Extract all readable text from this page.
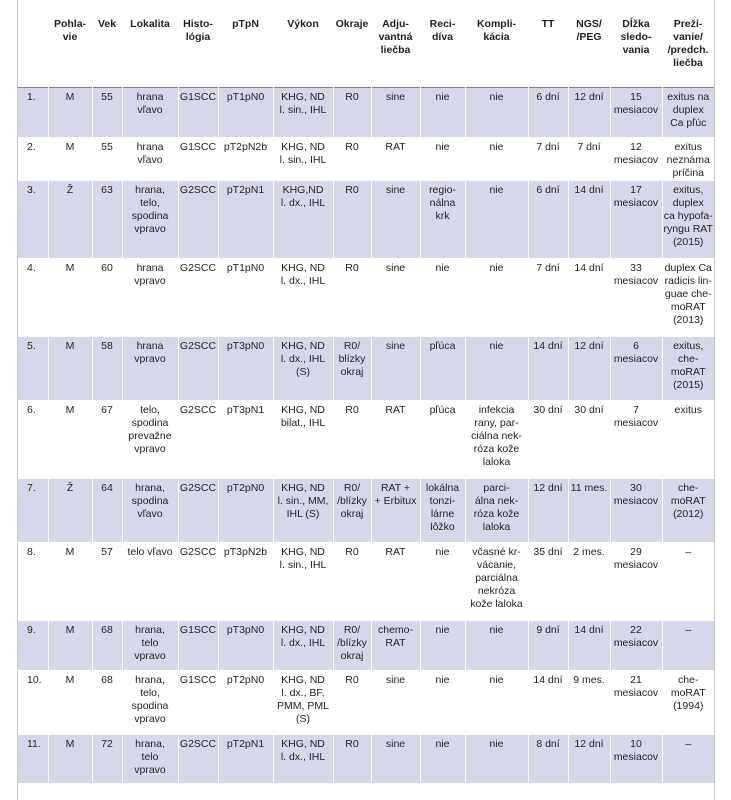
	Pohla-
vie	Vek	Lokalita	Histo-
lógia	pTpN	Výkon	Okraje	Adju-
vantná
liečba	Reci-
díva	Kompli-
kácia	TT	NGS/
/PEG	Dĺžka
sledo-
vania	Preží-
vanie/
/predch.
liečba

1.	M	55	hrana
vľavo	G1SCC	pT1pN0	KHG, ND
l. sin., IHL	R0	sine	nie	nie	6 dní	12 dní	15
mesiacov	exitus na
duplex
Ca pľúc

2.	M	55	hrana
vľavo	G1SCC	pT2pN2b	KHG, ND
l. sin., IHL	R0	RAT	nie	nie	7 dní	7 dní	12
mesiacov	exitus
neznáma
príčina

3.	Ž	63	hrana,
telo,
spodina
vpravo	G2SCC	pT2pN1	KHG,ND
l. dx., IHL	R0	sine	regio-
nálna
krk	nie	6 dní	14 dní	17
mesiacov	exitus,
duplex
ca hypofa-
ryngu RAT
(2015)

4.	M	60	hrana
vpravo	G2SCC	pT1pN0	KHG, ND
l. dx., IHL	R0	sine	nie	nie	7 dní	14 dní	33
mesiacov	duplex Ca
radicis lin-
guae che-
moRAT
(2013)

5.	M	58	hrana
vpravo	G2SCC	pT3pN0	KHG, ND
l. dx., IHL
(S)	R0/
blízky
okraj	sine	pľúca	nie	14 dní	12 dní	6
mesiacov	exitus,
che-
moRAT
(2015)

6.	M	67	telo,
spodina
prevažne
vpravo	G2SCC	pT3pN1	KHG, ND
bilat., IHL	R0	RAT	pľúca	infekcia
rany, par-
ciálna nek-
róza kože
laloka	30 dní	30 dní	7
mesiacov	exitus

7.	Ž	64	hrana,
spodina
vľavo	G2SCC	pT2pN0	KHG, ND
l. sin., MM,
IHL (S)	R0/
/blízky
okraj	RAT +
+ Erbitux	lokálna
tonzi-
lárne
lôžko	parci-
álna nek-
róza kože
laloka	12 dní	11 mes.	30
mesiacov	che-
moRAT
(2012)

8.	M	57	telo vľavo	G2SCC	pT3pN2b	KHG, ND
l. sin., IHL	R0	RAT	nie	včasné kr-
vácanie,
parciálna
nekróza
kože laloka	35 dní	2 mes.	29
mesiacov	–

9.	M	68	hrana,
telo
vpravo	G1SCC	pT3pN0	KHG, ND
l. dx., IHL	R0/
/blízky
okraj	chemo-
RAT	nie	nie	9 dní	14 dní	22
mesiacov	–

10.	M	68	hrana,
telo,
spodina
vpravo	G1SCC	pT2pN0	KHG, ND
l. dx., BF,
PMM, PML
(S)	R0	sine	nie	nie	14 dní	9 mes.	21
mesiacov	che-
moRAT
(1994)

11.	M	72	hrana,
telo
vpravo	G2SCC	pT2pN1	KHG, ND
l. dx., IHL	R0	sine	nie	nie	8 dní	12 dní	10
mesiacov	–
